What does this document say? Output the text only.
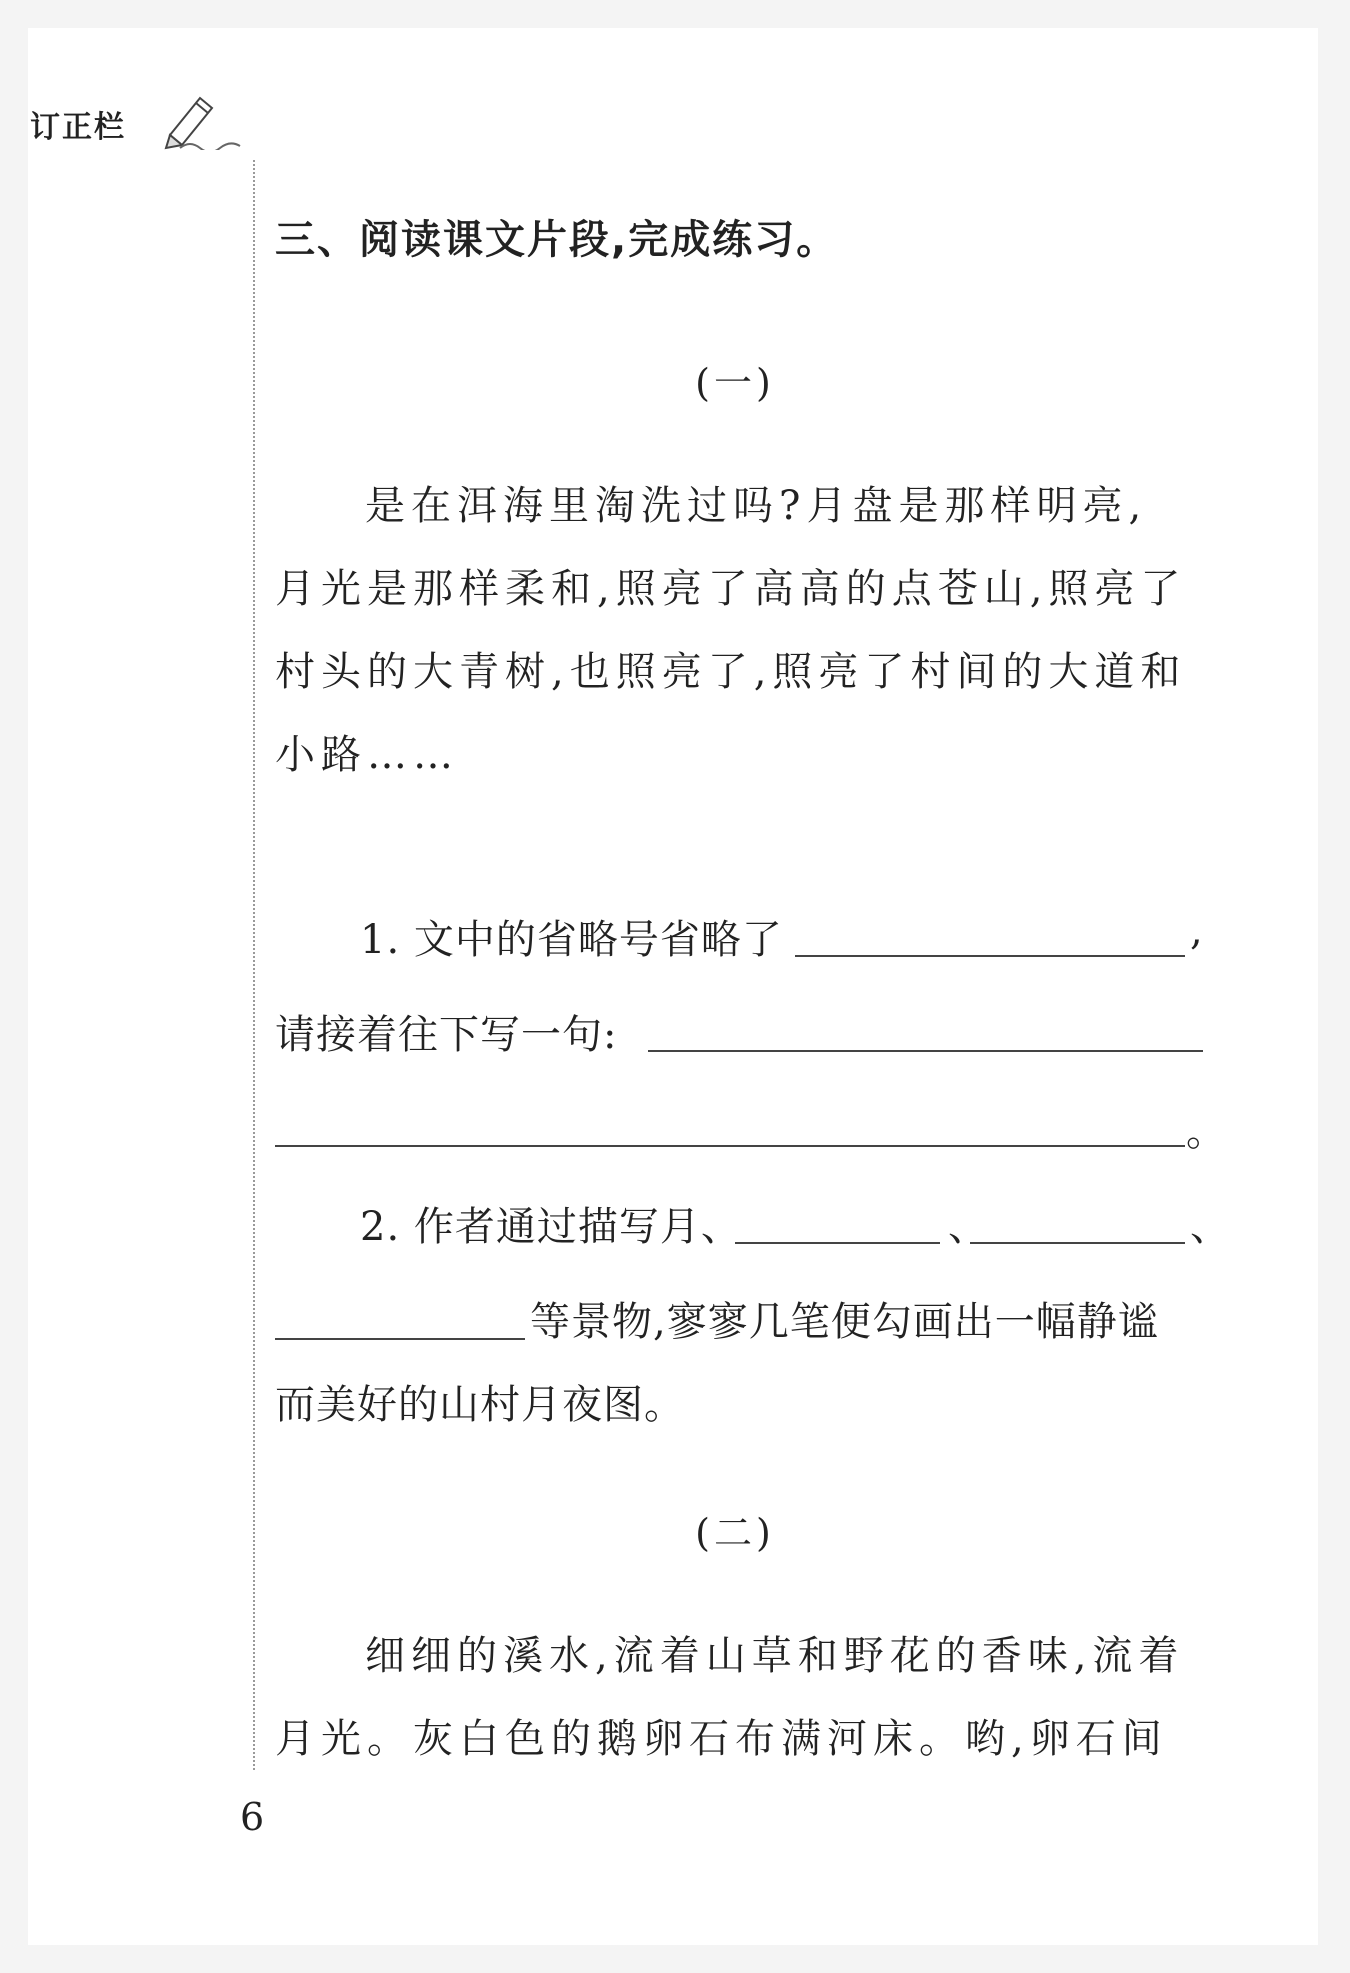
订正栏
三、阅读课文片段,完成练习。
(一)
是在洱海里淘洗过吗?月盘是那样明亮,
月光是那样柔和,照亮了高高的点苍山,照亮了
村头的大青树,也照亮了,照亮了村间的大道和
小路……
1. 文中的省略号省略了	,
请接着往下写一句:
。
2. 作者通过描写月、	、	、
等景物,寥寥几笔便勾画出一幅静谧
而美好的山村月夜图。
(二)
细细的溪水,流着山草和野花的香味,流着
月光。灰白色的鹅卵石布满河床。哟,卵石间
6
